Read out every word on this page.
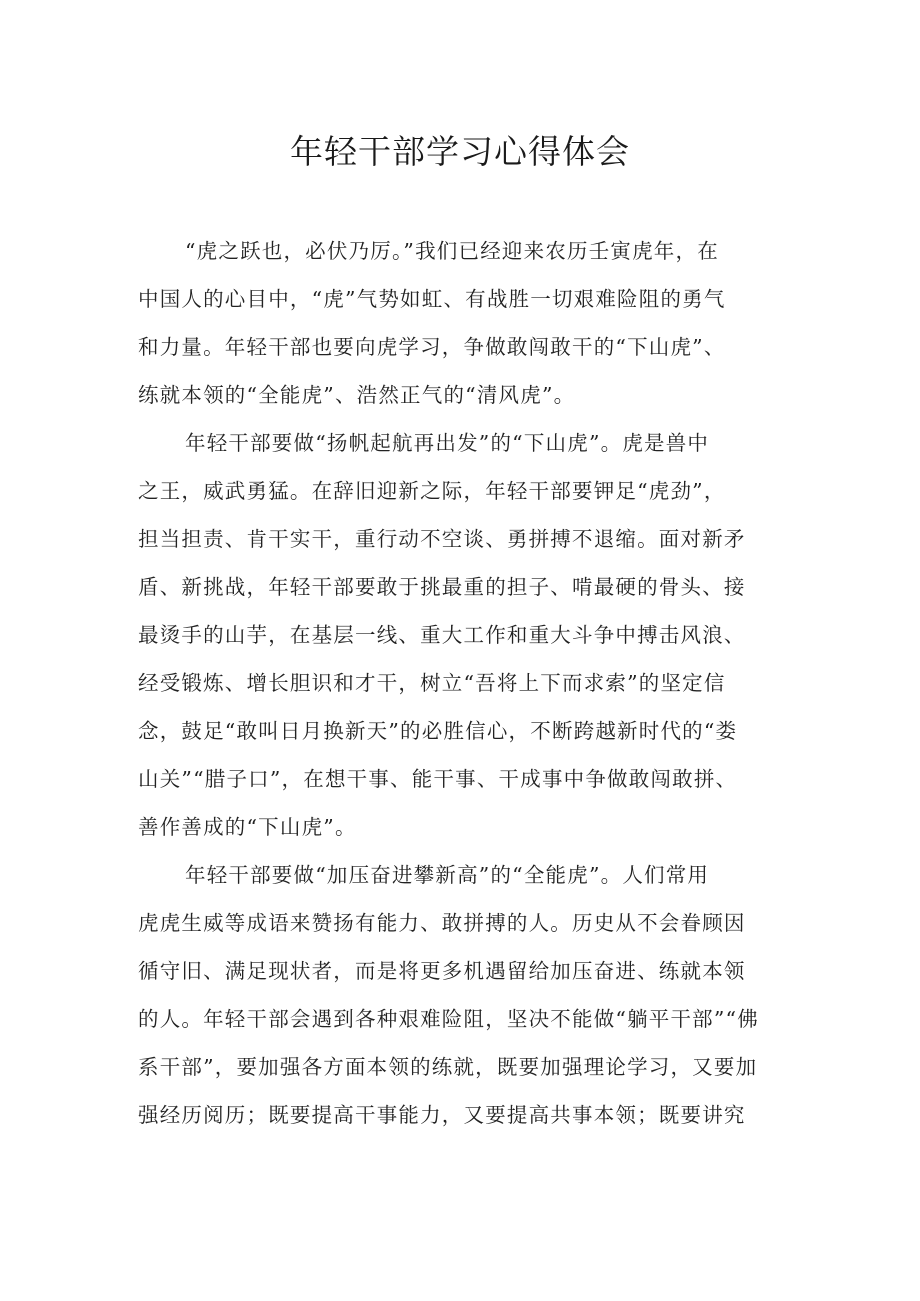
年轻干部学习心得体会
“虎之跃也，必伏乃厉。”我们已经迎来农历壬寅虎年，在
中国人的心目中，“虎”气势如虹、有战胜一切艰难险阻的勇气
和力量。年轻干部也要向虎学习，争做敢闯敢干的“下山虎”、
练就本领的“全能虎”、浩然正气的“清风虎”。
年轻干部要做“扬帆起航再出发”的“下山虎”。虎是兽中
之王，威武勇猛。在辞旧迎新之际，年轻干部要钾足“虎劲”，
担当担责、肯干实干，重行动不空谈、勇拼搏不退缩。面对新矛
盾、新挑战，年轻干部要敢于挑最重的担子、啃最硬的骨头、接
最烫手的山芋，在基层一线、重大工作和重大斗争中搏击风浪、
经受锻炼、增长胆识和才干，树立“吾将上下而求索”的坚定信
念，鼓足“敢叫日月换新天”的必胜信心，不断跨越新时代的“娄
山关”“腊子口”，在想干事、能干事、干成事中争做敢闯敢拼、
善作善成的“下山虎”。
年轻干部要做“加压奋进攀新高”的“全能虎”。人们常用
虎虎生威等成语来赞扬有能力、敢拼搏的人。历史从不会眷顾因
循守旧、满足现状者，而是将更多机遇留给加压奋进、练就本领
的人。年轻干部会遇到各种艰难险阻，坚决不能做“躺平干部”“佛
系干部”，要加强各方面本领的练就，既要加强理论学习，又要加
强经历阅历；既要提高干事能力，又要提高共事本领；既要讲究
